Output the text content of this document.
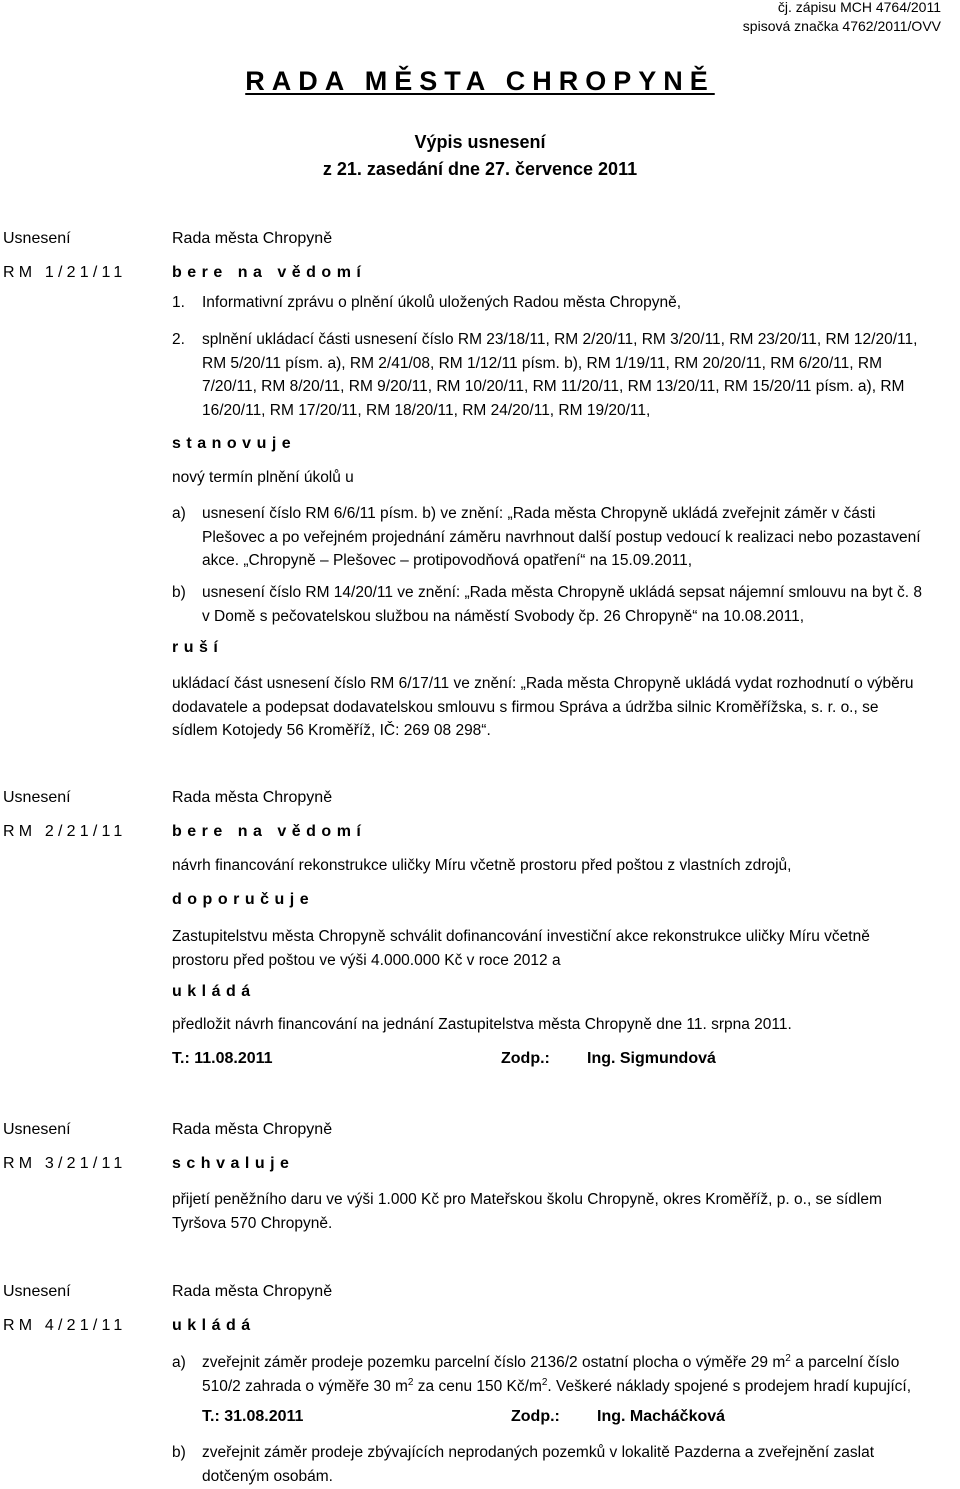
čj. zápisu MCH 4764/2011
spisová značka 4762/2011/OVV
RADA MĚSTA CHROPYNĚ
Výpis usnesení
z 21. zasedání dne 27. července 2011
Usnesení
RM 1/21/11
Rada města Chropyně
bere na vědomí
1. Informativní zprávu o plnění úkolů uložených Radou města Chropyně,
2. splnění ukládací části usnesení číslo RM 23/18/11, RM 2/20/11, RM 3/20/11, RM 23/20/11, RM 12/20/11,
RM 5/20/11 písm. a), RM 2/41/08, RM 1/12/11 písm. b), RM 1/19/11, RM 20/20/11, RM 6/20/11, RM
7/20/11, RM 8/20/11, RM 9/20/11, RM 10/20/11, RM 11/20/11, RM 13/20/11, RM 15/20/11 písm. a), RM
16/20/11, RM 17/20/11, RM 18/20/11, RM 24/20/11, RM 19/20/11,
stanovuje
nový termín plnění úkolů u
a) usnesení číslo RM 6/6/11 písm. b) ve znění: „Rada města Chropyně ukládá zveřejnit záměr v části
Plešovec a po veřejném projednání záměru navrhnout další postup vedoucí k realizaci nebo pozastavení
akce. „Chropyně – Plešovec – protipovodňová opatření“ na 15.09.2011,
b) usnesení číslo RM 14/20/11 ve znění: „Rada města Chropyně ukládá sepsat nájemní smlouvu na byt č. 8
v Domě s pečovatelskou službou na náměstí Svobody čp. 26 Chropyně“ na 10.08.2011,
ruší
ukládací část usnesení číslo RM 6/17/11 ve znění: „Rada města Chropyně ukládá vydat rozhodnutí o výběru
dodavatele a podepsat dodavatelskou smlouvu s firmou Správa a údržba silnic Kroměřížska, s. r. o., se
sídlem Kotojedy 56 Kroměříž, IČ: 269 08 298“.
Usnesení
RM 2/21/11
Rada města Chropyně
bere na vědomí
návrh financování rekonstrukce uličky Míru včetně prostoru před poštou z vlastních zdrojů,
doporučuje
Zastupitelstvu města Chropyně schválit dofinancování investiční akce rekonstrukce uličky Míru včetně
prostoru před poštou ve výši 4.000.000 Kč v roce 2012 a
ukládá
předložit návrh financování na jednání Zastupitelstva města Chropyně dne 11. srpna 2011.
T.: 11.08.2011	Zodp.: Ing. Sigmundová
Usnesení
RM 3/21/11
Rada města Chropyně
schvaluje
přijetí peněžního daru ve výši 1.000 Kč pro Mateřskou školu Chropyně, okres Kroměříž, p. o., se sídlem
Tyršova 570 Chropyně.
Usnesení
RM 4/21/11
Rada města Chropyně
ukládá
a) zveřejnit záměr prodeje pozemku parcelní číslo 2136/2 ostatní plocha o výměře 29 $m^2$ a parcelní číslo
510/2 zahrada o výměře 30 $m^2$ za cenu 150 $Kč/m^2$. Veškeré náklady spojené s prodejem hradí kupující,
T.: 31.08.2011	Zodp.: Ing. Macháčková
b) zveřejnit záměr prodeje zbývajících neprodaných pozemků v lokalitě Pazderna a zveřejnění zaslat
dotčeným osobám.
